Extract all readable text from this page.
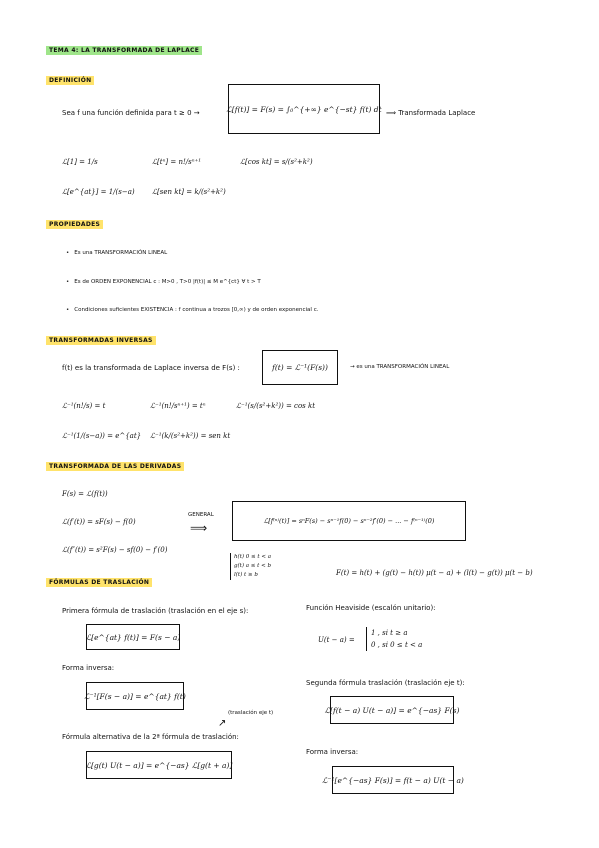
TEMA 4: LA TRANSFORMADA DE LAPLACE
DEFINICIÓN
Sea f una función definida para t ≥ 0 →	ℒ[f(t)] = F(s) = ∫₀^{+∞} e^{−st} f(t) dt ⟹ Transformada Laplace
ℒ[1] = 1/s	ℒ[tⁿ] = n!/sⁿ⁺¹	ℒ[cos kt] = s/(s²+k²)
ℒ[e^{at}] = 1/(s−a) ℒ[sen kt] = k/(s²+k²)
PROPIEDADES
• Es una TRANSFORMACIÓN LINEAL
• Es de ORDEN EXPONENCIAL c : M>0 , T>0 |f(t)| ≤ M e^{ct} ∀ t > T
• Condiciones suficientes EXISTENCIA : f continua a trozos [0,∞) y de orden exponencial c.
TRANSFORMADAS INVERSAS
f(t) es la transformada de Laplace inversa de F(s) :	f(t) = ℒ⁻¹(F(s))	→ es una TRANSFORMACIÓN LINEAL
ℒ⁻¹(n!/s) = t	ℒ⁻¹(n!/sⁿ⁺¹) = tⁿ	ℒ⁻¹(s/(s²+k²)) = cos kt
ℒ⁻¹(1/(s−a)) = e^{at} ℒ⁻¹(k/(s²+k²)) = sen kt
TRANSFORMADA DE LAS DERIVADAS
F(s) = ℒ(f(t))
ℒ(f′(t)) = sF(s) − f(0)
ℒ(f″(t)) = s²F(s) − sf(0) − f′(0)
GENERAL
⟹	ℒ[f⁽ⁿ⁾(t)] = sⁿF(s) − sⁿ⁻¹f(0) − sⁿ⁻²f′(0) − ... − f⁽ⁿ⁻¹⁾(0)
h(t) 0 ≤ t < a
g(t) a ≤ t < b
l(t) t ≥ b	F(t) = h(t) + (g(t) − h(t)) μ(t − a) + (l(t) − g(t)) μ(t − b)
FÓRMULAS DE TRASLACIÓN
Primera fórmula de traslación (traslación en el eje s):
ℒ[e^{at} f(t)] = F(s − a)
Forma inversa:
ℒ⁻¹[F(s − a)] = e^{at} f(t)
(traslación eje t)
↗
Fórmula alternativa de la 2ª fórmula de traslación:
ℒ[g(t) U(t − a)] = e^{−as} ℒ[g(t + a)]
Función Heaviside (escalón unitario):
U(t − a) =
1 , si t ≥ a
0 , si 0 ≤ t < a
Segunda fórmula traslación (traslación eje t):
ℒ[f(t − a) U(t − a)] = e^{−as} F(s)
Forma inversa:
ℒ⁻¹[e^{−as} F(s)] = f(t − a) U(t − a)
